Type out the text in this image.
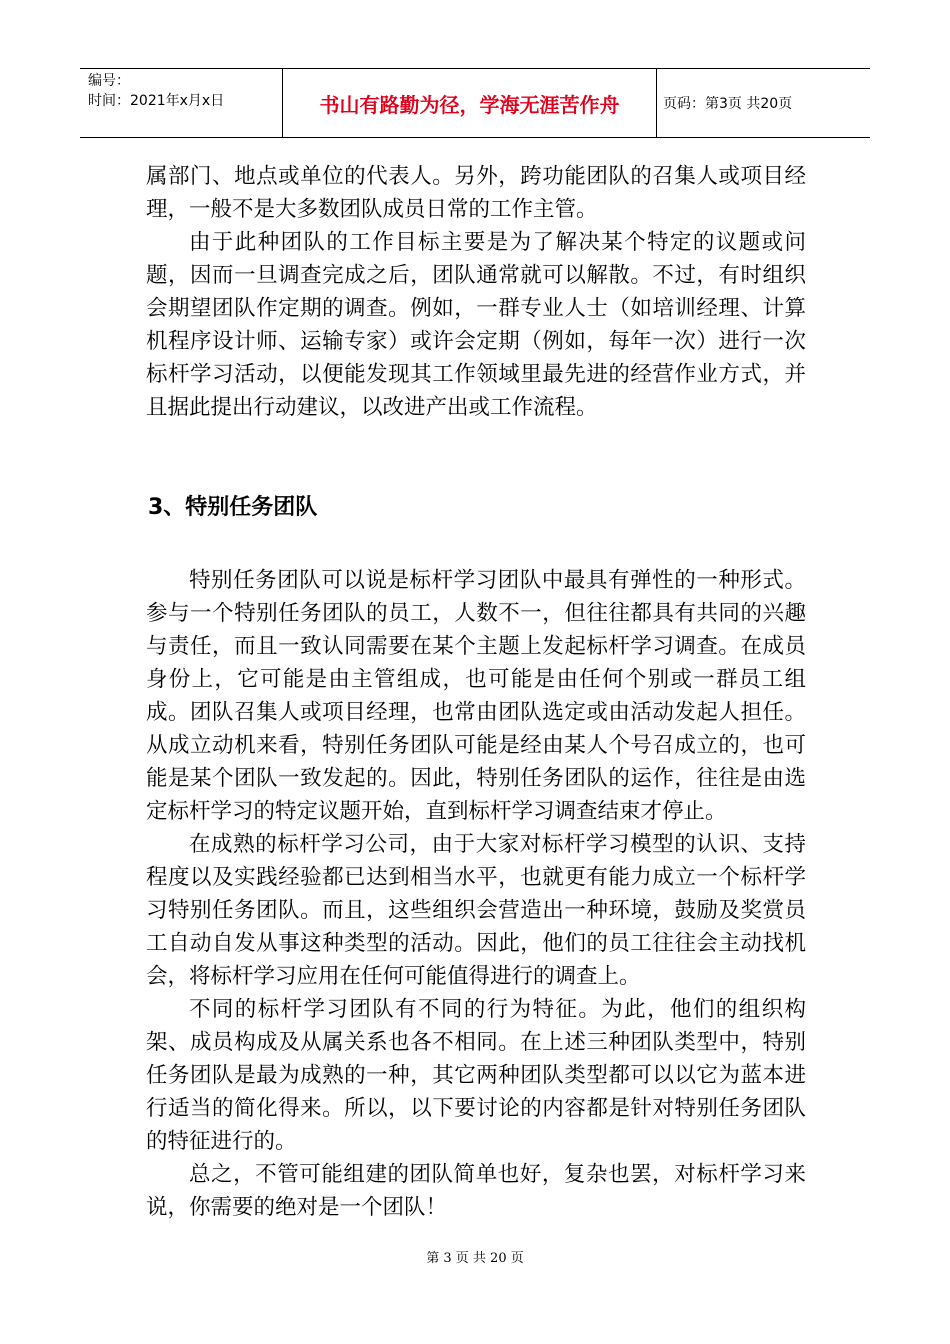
编号：
时间：2021年x月x日	书山有路勤为径，学海无涯苦作舟	页码：第3页 共20页

属部门、地点或单位的代表人。另外，跨功能团队的召集人或项目经理，一般不是大多数团队成员日常的工作主管。

由于此种团队的工作目标主要是为了解决某个特定的议题或问题，因而一旦调查完成之后，团队通常就可以解散。不过，有时组织会期望团队作定期的调查。例如，一群专业人士（如培训经理、计算机程序设计师、运输专家）或许会定期（例如，每年一次）进行一次标杆学习活动，以便能发现其工作领域里最先进的经营作业方式，并且据此提出行动建议，以改进产出或工作流程。

3、特别任务团队

特别任务团队可以说是标杆学习团队中最具有弹性的一种形式。参与一个特别任务团队的员工，人数不一，但往往都具有共同的兴趣与责任，而且一致认同需要在某个主题上发起标杆学习调查。在成员身份上，它可能是由主管组成，也可能是由任何个别或一群员工组成。团队召集人或项目经理，也常由团队选定或由活动发起人担任。从成立动机来看，特别任务团队可能是经由某人个号召成立的，也可能是某个团队一致发起的。因此，特别任务团队的运作，往往是由选定标杆学习的特定议题开始，直到标杆学习调查结束才停止。

在成熟的标杆学习公司，由于大家对标杆学习模型的认识、支持程度以及实践经验都已达到相当水平，也就更有能力成立一个标杆学习特别任务团队。而且，这些组织会营造出一种环境，鼓励及奖赏员工自动自发从事这种类型的活动。因此，他们的员工往往会主动找机会，将标杆学习应用在任何可能值得进行的调查上。

不同的标杆学习团队有不同的行为特征。为此，他们的组织构架、成员构成及从属关系也各不相同。在上述三种团队类型中，特别任务团队是最为成熟的一种，其它两种团队类型都可以以它为蓝本进行适当的简化得来。所以，以下要讨论的内容都是针对特别任务团队的特征进行的。

总之，不管可能组建的团队简单也好，复杂也罢，对标杆学习来说，你需要的绝对是一个团队！

第 3 页 共 20 页
